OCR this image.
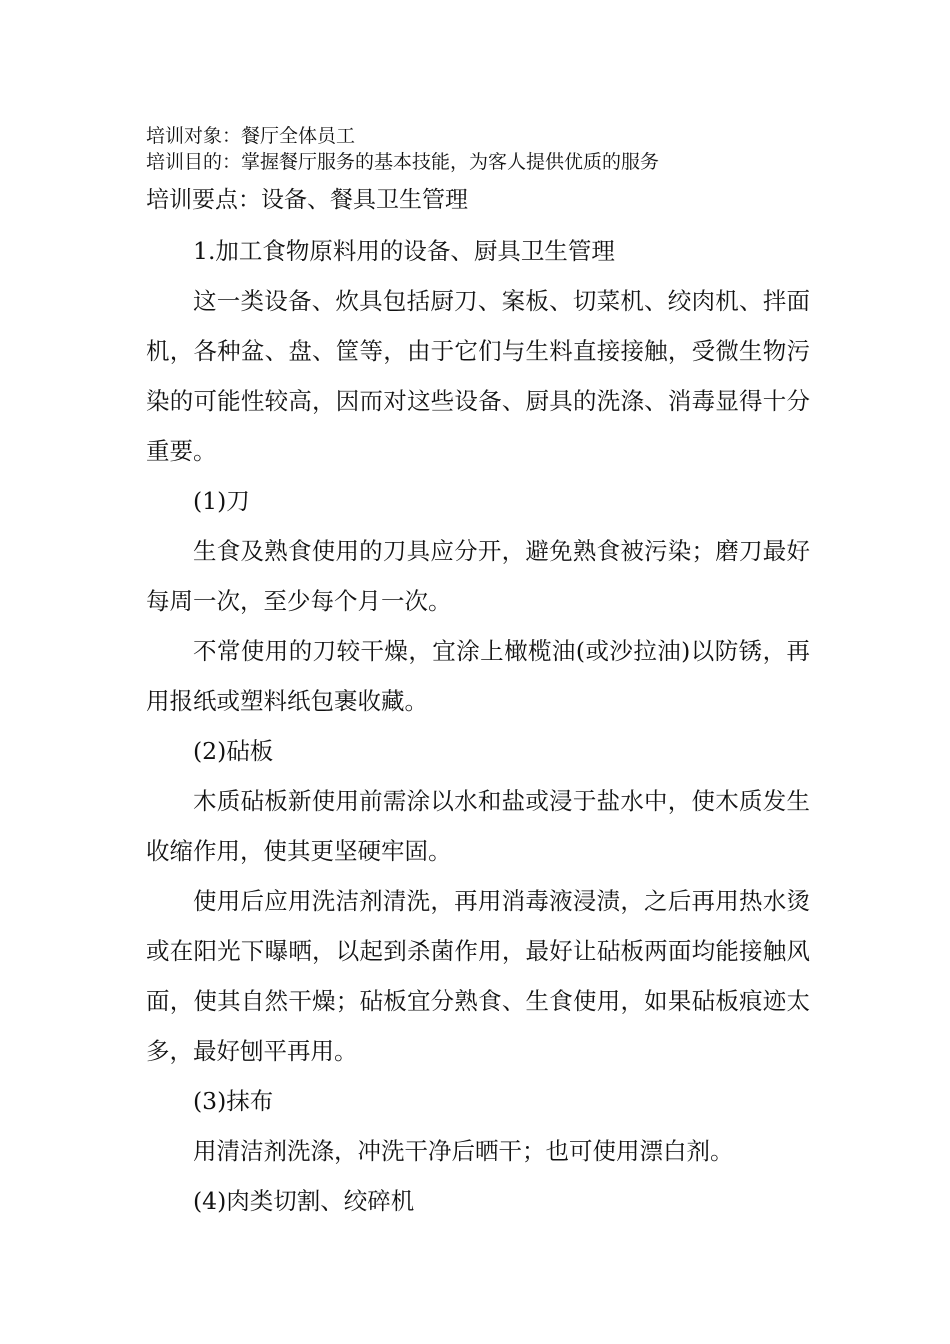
培训对象：餐厅全体员工
培训目的：掌握餐厅服务的基本技能，为客人提供优质的服务
培训要点：设备、餐具卫生管理

1.加工食物原料用的设备、厨具卫生管理

这一类设备、炊具包括厨刀、案板、切菜机、绞肉机、拌面机，各种盆、盘、筐等，由于它们与生料直接接触，受微生物污染的可能性较高，因而对这些设备、厨具的洗涤、消毒显得十分重要。

(1)刀

生食及熟食使用的刀具应分开，避免熟食被污染；磨刀最好每周一次，至少每个月一次。

不常使用的刀较干燥，宜涂上橄榄油(或沙拉油)以防锈，再用报纸或塑料纸包裹收藏。

(2)砧板

木质砧板新使用前需涂以水和盐或浸于盐水中，使木质发生收缩作用，使其更坚硬牢固。

使用后应用洗洁剂清洗，再用消毒液浸渍，之后再用热水烫或在阳光下曝晒，以起到杀菌作用，最好让砧板两面均能接触风面，使其自然干燥；砧板宜分熟食、生食使用，如果砧板痕迹太多，最好刨平再用。

(3)抹布

用清洁剂洗涤，冲洗干净后晒干；也可使用漂白剂。

(4)肉类切割、绞碎机
